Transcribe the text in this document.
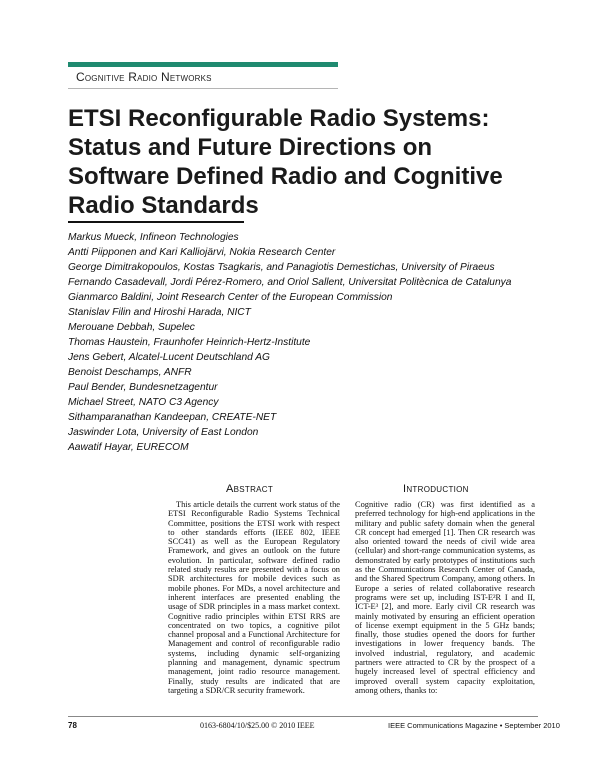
Cognitive Radio Networks
ETSI Reconfigurable Radio Systems: Status and Future Directions on Software Defined Radio and Cognitive Radio Standards
Markus Mueck, Infineon Technologies
Antti Piipponen and Kari Kalliojärvi, Nokia Research Center
George Dimitrakopoulos, Kostas Tsagkaris, and Panagiotis Demestichas, University of Piraeus
Fernando Casadevall, Jordi Pérez-Romero, and Oriol Sallent, Universitat Politècnica de Catalunya
Gianmarco Baldini, Joint Research Center of the European Commission
Stanislav Filin and Hiroshi Harada, NICT
Merouane Debbah, Supelec
Thomas Haustein, Fraunhofer Heinrich-Hertz-Institute
Jens Gebert, Alcatel-Lucent Deutschland AG
Benoist Deschamps, ANFR
Paul Bender, Bundesnetzagentur
Michael Street, NATO C3 Agency
Sithamparanathan Kandeepan, CREATE-NET
Jaswinder Lota, University of East London
Aawatif Hayar, EURECOM
Abstract	Introduction

This article details the current work status of the ETSI Reconfigurable Radio Systems Technical Committee, positions the ETSI work with respect to other standards efforts (IEEE 802, IEEE SCC41) as well as the European Regulatory Framework, and gives an outlook on the future evolution. In particular, software defined radio related study results are presented with a focus on SDR architectures for mobile devices such as mobile phones. For MDs, a novel architecture and inherent interfaces are presented enabling the usage of SDR principles in a mass market context. Cognitive radio principles within ETSI RRS are concentrated on two topics, a cognitive pilot channel proposal and a Functional Architecture for Management and control of reconfigurable radio systems, including dynamic self-organizing planning and management, dynamic spectrum management, joint radio resource management. Finally, study results are indicated that are targeting a SDR/CR security framework.

Cognitive radio (CR) was first identified as a preferred technology for high-end applications in the military and public safety domain when the general CR concept had emerged [1]. Then CR research was also oriented toward the needs of civil wide area (cellular) and short-range communication systems, as demonstrated by early prototypes of institutions such as the Communications Research Center of Canada, and the Shared Spectrum Company, among others. In Europe a series of related collaborative research programs were set up, including IST-E²R I and II, ICT-E³ [2], and more. Early civil CR research was mainly motivated by ensuring an efficient operation of license exempt equipment in the 5 GHz bands; finally, those studies opened the doors for further investigations in lower frequency bands. The involved industrial, regulatory, and academic partners were attracted to CR by the prospect of a hugely increased level of spectral efficiency and improved overall system capacity exploitation, among others, thanks to:

78	0163-6804/10/$25.00 © 2010 IEEE	IEEE Communications Magazine • September 2010
